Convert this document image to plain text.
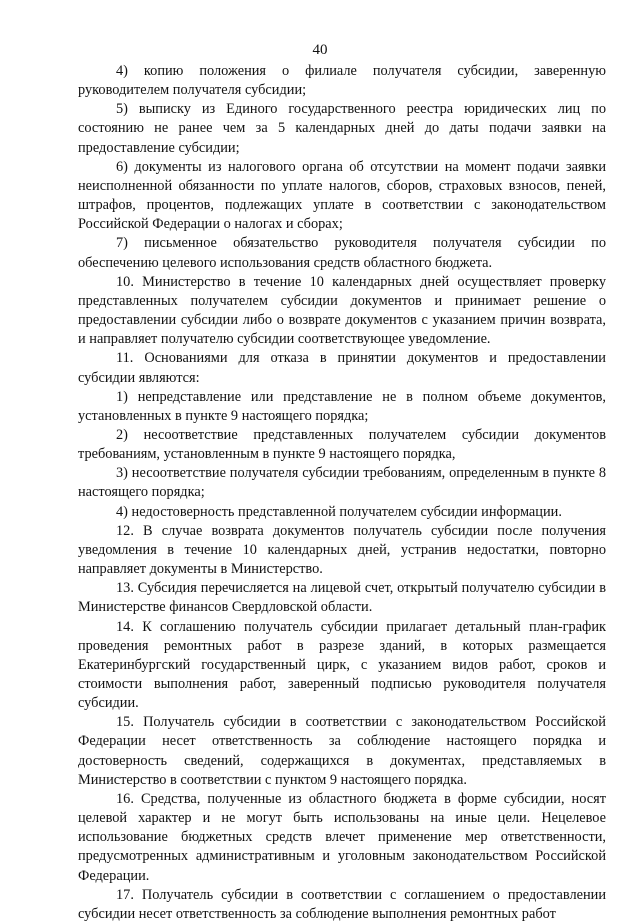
40

4) копию положения о филиале получателя субсидии, заверенную руководителем получателя субсидии;

5) выписку из Единого государственного реестра юридических лиц по состоянию не ранее чем за 5 календарных дней до даты подачи заявки на предоставление субсидии;

6) документы из налогового органа об отсутствии на момент подачи заявки неисполненной обязанности по уплате налогов, сборов, страховых взносов, пеней, штрафов, процентов, подлежащих уплате в соответствии с законодательством Российской Федерации о налогах и сборах;

7) письменное обязательство руководителя получателя субсидии по обеспечению целевого использования средств областного бюджета.

10. Министерство в течение 10 календарных дней осуществляет проверку представленных получателем субсидии документов и принимает решение о предоставлении субсидии либо о возврате документов с указанием причин возврата, и направляет получателю субсидии соответствующее уведомление.

11. Основаниями для отказа в принятии документов и предоставлении субсидии являются:

1) непредставление или представление не в полном объеме документов, установленных в пункте 9 настоящего порядка;

2) несоответствие представленных получателем субсидии документов требованиям, установленным в пункте 9 настоящего порядка,

3) несоответствие получателя субсидии требованиям, определенным в пункте 8 настоящего порядка;

4) недостоверность представленной получателем субсидии информации.

12. В случае возврата документов получатель субсидии после получения уведомления в течение 10 календарных дней, устранив недостатки, повторно направляет документы в Министерство.

13. Субсидия перечисляется на лицевой счет, открытый получателю субсидии в Министерстве финансов Свердловской области.

14. К соглашению получатель субсидии прилагает детальный план-график проведения ремонтных работ в разрезе зданий, в которых размещается Екатеринбургский государственный цирк, с указанием видов работ, сроков и стоимости выполнения работ, заверенный подписью руководителя получателя субсидии.

15. Получатель субсидии в соответствии с законодательством Российской Федерации несет ответственность за соблюдение настоящего порядка и достоверность сведений, содержащихся в документах, представляемых в Министерство в соответствии с пунктом 9 настоящего порядка.

16. Средства, полученные из областного бюджета в форме субсидии, носят целевой характер и не могут быть использованы на иные цели. Нецелевое использование бюджетных средств влечет применение мер ответственности, предусмотренных административным и уголовным законодательством Российской Федерации.

17. Получатель субсидии в соответствии с соглашением о предоставлении субсидии несет ответственность за соблюдение выполнения ремонтных работ
